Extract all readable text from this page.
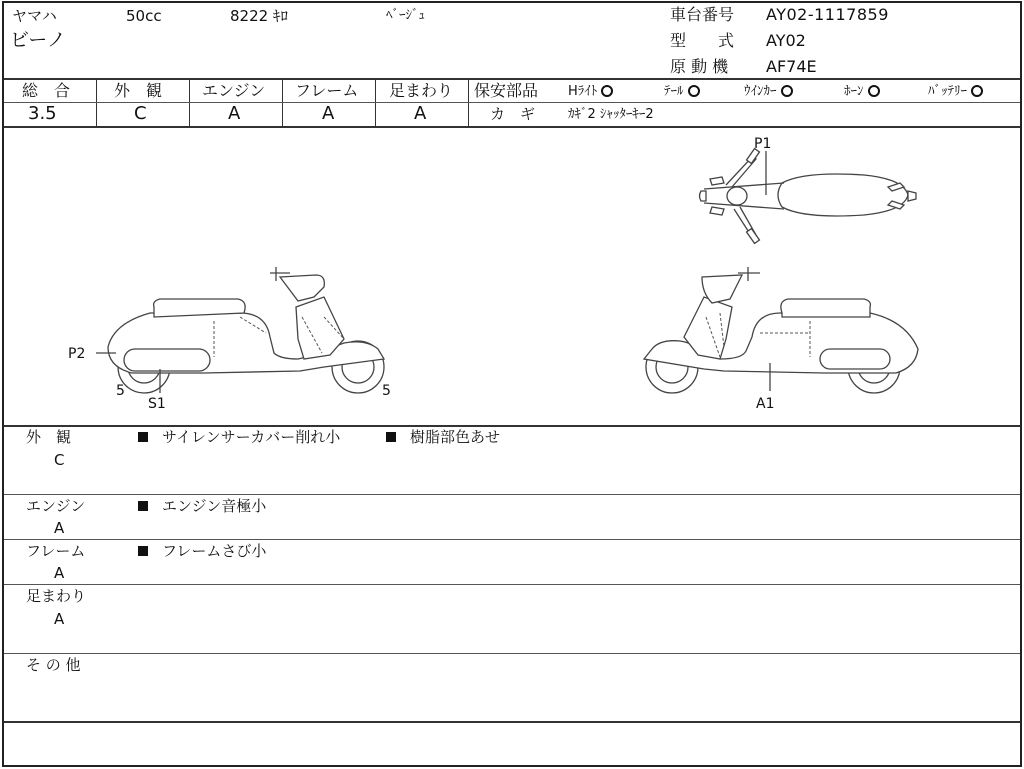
ヤマハ	50cc	8222 ｷﾛ	ﾍﾞｰｼﾞｭ
ビーノ
車台番号 AY02-1117859
型　　式 AY02
原 動 機 AF74E
総　合
3.5
外　観
C
エンジン
A
フレーム
A
足まわり
A
保安部品 Hﾗｲﾄ	ﾃｰﾙ	ｳｲﾝｶｰ	ﾎｰﾝ	ﾊﾞｯﾃﾘｰ
カ　ギ	ｶｷﾞ2 ｼｬｯﾀｰｷｰ2
P1
P2
S1
5	5
A1
外　観
C
サイレンサーカバー削れ小	樹脂部色あせ
エンジン
A
エンジン音極小
フレーム
A
フレームさび小
足まわり
A
そ の 他
